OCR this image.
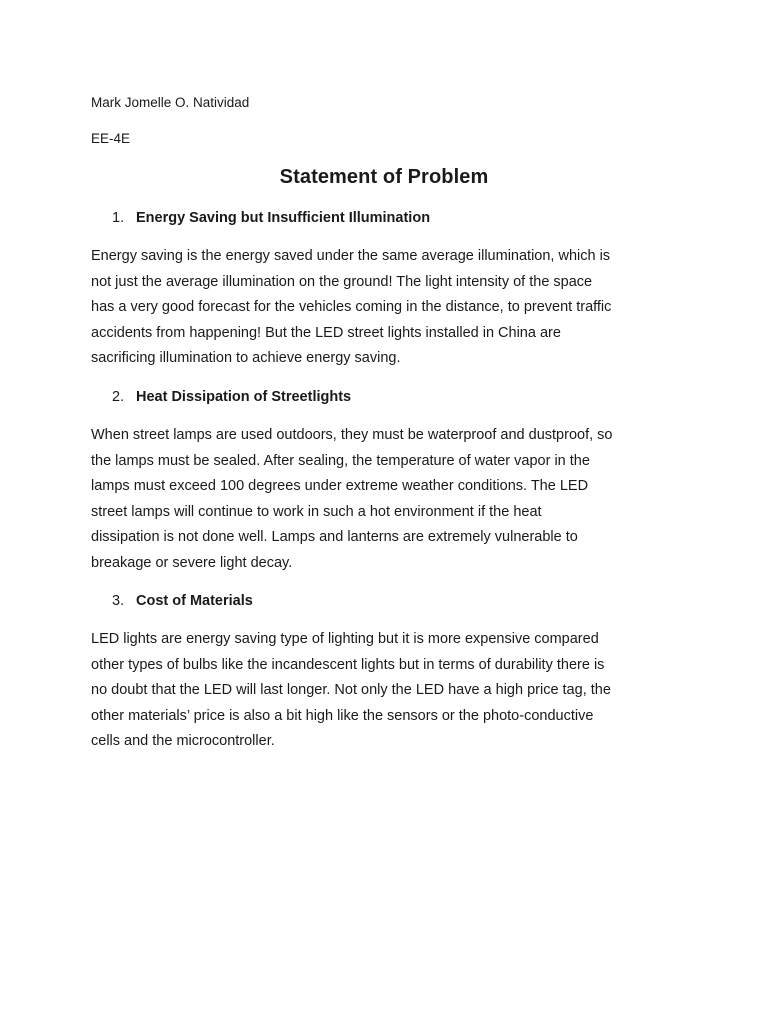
Mark Jomelle O. Natividad
EE-4E
Statement of Problem
1. Energy Saving but Insufficient Illumination
Energy saving is the energy saved under the same average illumination, which is
not just the average illumination on the ground! The light intensity of the space
has a very good forecast for the vehicles coming in the distance, to prevent traffic
accidents from happening! But the LED street lights installed in China are
sacrificing illumination to achieve energy saving.
2. Heat Dissipation of Streetlights
When street lamps are used outdoors, they must be waterproof and dustproof, so
the lamps must be sealed. After sealing, the temperature of water vapor in the
lamps must exceed 100 degrees under extreme weather conditions. The LED
street lamps will continue to work in such a hot environment if the heat
dissipation is not done well. Lamps and lanterns are extremely vulnerable to
breakage or severe light decay.
3. Cost of Materials
LED lights are energy saving type of lighting but it is more expensive compared
other types of bulbs like the incandescent lights but in terms of durability there is
no doubt that the LED will last longer. Not only the LED have a high price tag, the
other materials’ price is also a bit high like the sensors or the photo-conductive
cells and the microcontroller.
